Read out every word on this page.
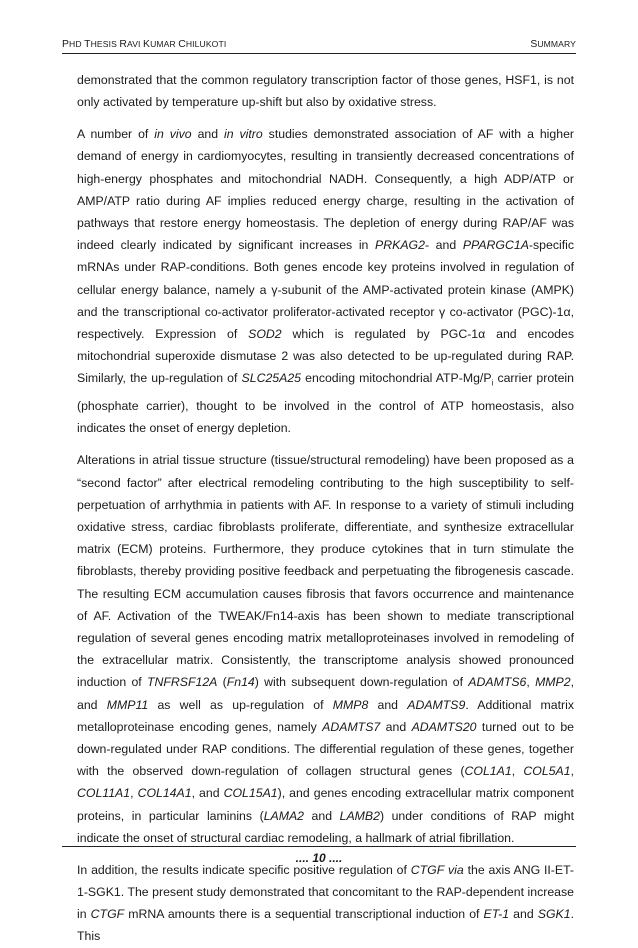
PHD THESIS RAVI KUMAR CHILUKOTI	SUMMARY

demonstrated that the common regulatory transcription factor of those genes, HSF1, is not only activated by temperature up-shift but also by oxidative stress.

A number of in vivo and in vitro studies demonstrated association of AF with a higher demand of energy in cardiomyocytes, resulting in transiently decreased concentrations of high-energy phosphates and mitochondrial NADH. Consequently, a high ADP/ATP or AMP/ATP ratio during AF implies reduced energy charge, resulting in the activation of pathways that restore energy homeostasis. The depletion of energy during RAP/AF was indeed clearly indicated by significant increases in PRKAG2- and PPARGC1A-specific mRNAs under RAP-conditions. Both genes encode key proteins involved in regulation of cellular energy balance, namely a γ-subunit of the AMP-activated protein kinase (AMPK) and the transcriptional co-activator proliferator-activated receptor γ co-activator (PGC)-1α, respectively. Expression of SOD2 which is regulated by PGC-1α and encodes mitochondrial superoxide dismutase 2 was also detected to be up-regulated during RAP. Similarly, the up-regulation of SLC25A25 encoding mitochondrial ATP-$Mg/P_i$ carrier protein (phosphate carrier), thought to be involved in the control of ATP homeostasis, also indicates the onset of energy depletion.

Alterations in atrial tissue structure (tissue/structural remodeling) have been proposed as a “second factor” after electrical remodeling contributing to the high susceptibility to self-perpetuation of arrhythmia in patients with AF. In response to a variety of stimuli including oxidative stress, cardiac fibroblasts proliferate, differentiate, and synthesize extracellular matrix (ECM) proteins. Furthermore, they produce cytokines that in turn stimulate the fibroblasts, thereby providing positive feedback and perpetuating the fibrogenesis cascade. The resulting ECM accumulation causes fibrosis that favors occurrence and maintenance of AF. Activation of the TWEAK/Fn14-axis has been shown to mediate transcriptional regulation of several genes encoding matrix metalloproteinases involved in remodeling of the extracellular matrix. Consistently, the transcriptome analysis showed pronounced induction of TNFRSF12A (Fn14) with subsequent down-regulation of ADAMTS6, MMP2, and MMP11 as well as up-regulation of MMP8 and ADAMTS9. Additional matrix metalloproteinase encoding genes, namely ADAMTS7 and ADAMTS20 turned out to be down-regulated under RAP conditions. The differential regulation of these genes, together with the observed down-regulation of collagen structural genes (COL1A1, COL5A1, COL11A1, COL14A1, and COL15A1), and genes encoding extracellular matrix component proteins, in particular laminins (LAMA2 and LAMB2) under conditions of RAP might indicate the onset of structural cardiac remodeling, a hallmark of atrial fibrillation.

In addition, the results indicate specific positive regulation of CTGF via the axis ANG II-ET-1-SGK1. The present study demonstrated that concomitant to the RAP-dependent increase in CTGF mRNA amounts there is a sequential transcriptional induction of ET-1 and SGK1. This

.... 10 ....
